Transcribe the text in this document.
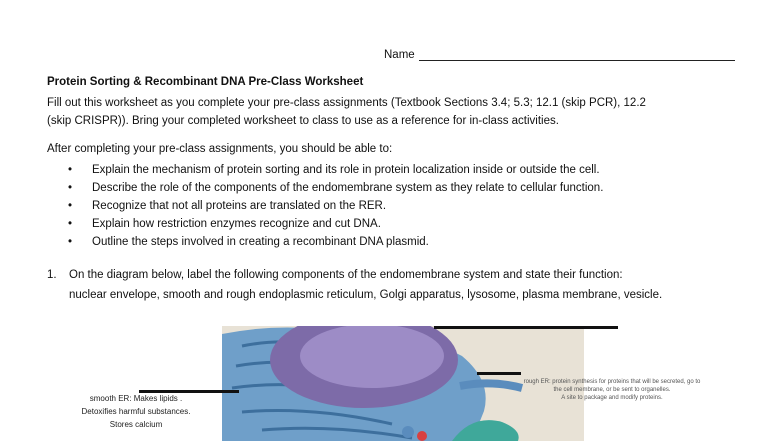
Name
Protein Sorting & Recombinant DNA Pre-Class Worksheet
Fill out this worksheet as you complete your pre-class assignments (Textbook Sections 3.4; 5.3; 12.1 (skip PCR), 12.2
(skip CRISPR)). Bring your completed worksheet to class to use as a reference for in-class activities.
After completing your pre-class assignments, you should be able to:
• Explain the mechanism of protein sorting and its role in protein localization inside or outside the cell.
• Describe the role of the components of the endomembrane system as they relate to cellular function.
• Recognize that not all proteins are translated on the RER.
• Explain how restriction enzymes recognize and cut DNA.
• Outline the steps involved in creating a recombinant DNA plasmid.
1. On the diagram below, label the following components of the endomembrane system and state their function:
nuclear envelope, smooth and rough endoplasmic reticulum, Golgi apparatus, lysosome, plasma membrane, vesicle.
smooth ER: Makes lipids .
Detoxifies harmful substances.
Stores calcium
rough ER: protein synthesis for proteins that will be secreted, go to
the cell membrane, or be sent to organelles.
A site to package and modify proteins.
